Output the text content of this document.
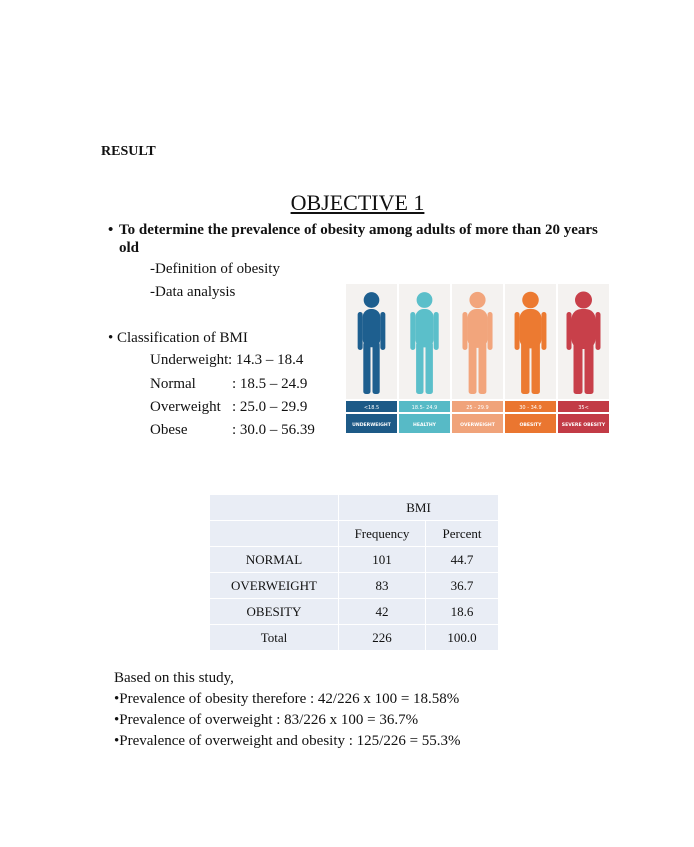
RESULT
OBJECTIVE 1
• To determine the prevalence of obesity among adults of more than 20 years old
-Definition of obesity
-Data analysis
• Classification of BMI
Underweight : 14.3 – 18.4
Normal : 18.5 – 24.9
Overweight : 25.0 – 29.9
Obese	: 30.0 – 56.39
<18.5
UNDERWEIGHT
18.5- 24.9
HEALTHY
25 - 29.9
OVERWEIGHT
30 - 34.9
OBESITY
35<
SEVERE OBESITY
	BMI	
	Frequency	Percent
NORMAL	101	44.7
OVERWEIGHT	83	36.7
OBESITY	42	18.6
Total	226	100.0
Based on this study,
•Prevalence of obesity therefore : 42/226 x 100 = 18.58%
•Prevalence of overweight : 83/226 x 100 = 36.7%
•Prevalence of overweight and obesity : 125/226 = 55.3%
